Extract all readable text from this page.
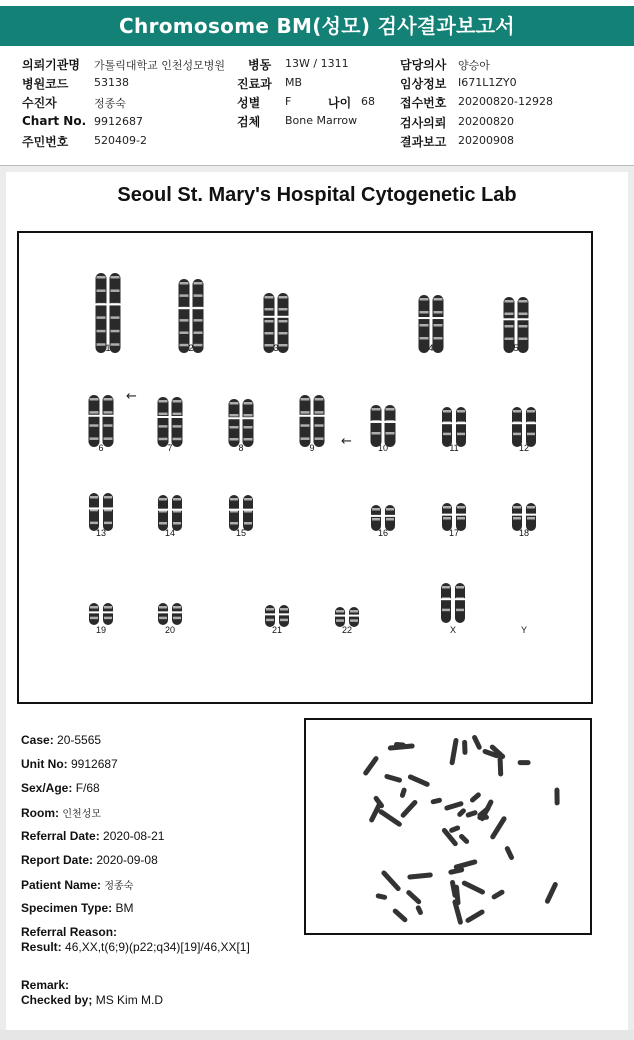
Chromosome BM(성모) 검사결과보고서
의뢰기관명 가톨릭대학교 인천성모병원 병동 13W / 1311	담당의사 양승아
병원코드 53138	진료과 MB	임상정보 I671L1ZY0
수진자	정종숙	성별 F	나이 68 접수번호 20200820-12928
Chart No. 9912687	검체 Bone Marrow	검사의뢰 20200820
주민번호 520409-2	결과보고 20200908
Seoul St. Mary's Hospital Cytogenetic Lab
1	2	3	4	5
6	7	8	9	10	11	12
13	14	15	16	17	18
19	20	21	22	X	Y
←
←
Case: 20-5565
Unit No: 9912687
Sex/Age: F/68
Room: 인천성모
Referral Date: 2020-08-21
Report Date: 2020-09-08
Patient Name: 정종숙
Specimen Type: BM
Referral Reason:
Result: 46,XX,t(6;9)(p22;q34)[19]/46,XX[1]
Remark:
Checked by; MS Kim M.D
